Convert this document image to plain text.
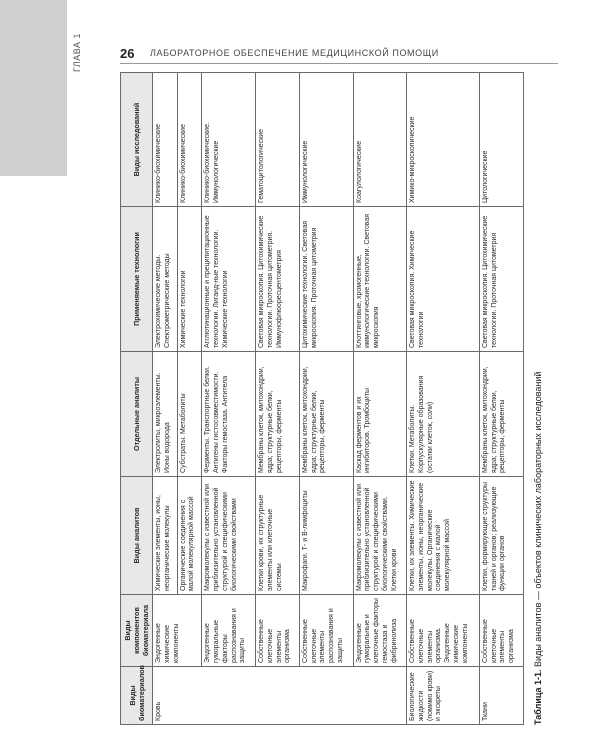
ГЛАВА 1	26 ЛАБОРАТОРНОЕ ОБЕСПЕЧЕНИЕ МЕДИЦИНСКОЙ ПОМОЩИ
Виды биоматериалов	Виды компонентов биоматериала	Виды аналитов	Отдельные аналиты	Применяемые технологии	Виды исследований
Кровь	Эндогенные химические компоненты	Химические элементы, ионы, неорганические молекулы	Электролиты, микроэлементы. Ионы водорода	Электрохимические методы. Спектрометрические методы	Клинико-биохимические
		Органические соединения с малой молекулярной массой	Субстраты. Метаболиты	Химические технологии	Клинико-биохимические
	Эндогенные гуморальные факторы распознавания и защиты	Макромолекулы с известной или приблизительно установленной структурой и специфическими биологическими свойствами	Ферменты. Транспортные белки. Антигены гистосовместимости. Факторы гемостаза. Антитела	Агглютинационные и преципитационные технологии. Лиганд-ные технологии. Химические технологии	Клинико-биохимические. Иммунологические
	Собственные клеточные элементы организма	Клетки крови, их структурные элементы или клеточные системы	Мембраны клеток, митохондрии, ядра; структурные белки, рецепторы, ферменты	Световая микроскопия. Цитохимические технологии. Проточная цитометрия. Иммунофлюоресцентометрия	Гематоцитологические
	Собственные клеточные элементы распознавания и защиты	Макрофаги. Т- и В-лимфоциты	Мембраны клеток, митохондрии, ядра; структурные белки, рецепторы, ферменты	Цитохимические технологии. Световая микроскопия. Проточная цитометрия	Иммунологические
	Эндогенные гуморальные и клеточные факторы гемостаза и фибринолиза	Макромолекулы с известной или приблизительно установленной структурой и специфическими биологическими свойствами. Клетки крови	Каскад ферментов и их ингибиторов. Тромбоциты	Клоттинговые, хромогенные, иммунологические технологии. Световая микроскопия	Коагулологические
Биологические жидкости (помимо крови) и экскреты	Собственные клеточные элементы организма. Эндогенные химические компоненты	Клетки, их элементы. Химические элементы, ионы, неорганические молекулы. Органические соединения с малой молекулярной массой	Клетки. Метаболиты. Корпускулярные образования (остатки клеток, соли)	Световая микроскопия. Химические технологии	Химико-микроскопические
Ткани	Собственные клеточные элементы организма	Клетки, формирующие структуры тканей и органов; реализующие функции органов	Мембраны клеток, митохондрии, ядра; структурные белки, рецепторы, ферменты	Световая микроскопия. Цитохимические технологии. Проточная цитометрия	Цитологические
Таблица 1-1. Виды аналитов — объектов клинических лабораторных исследований
